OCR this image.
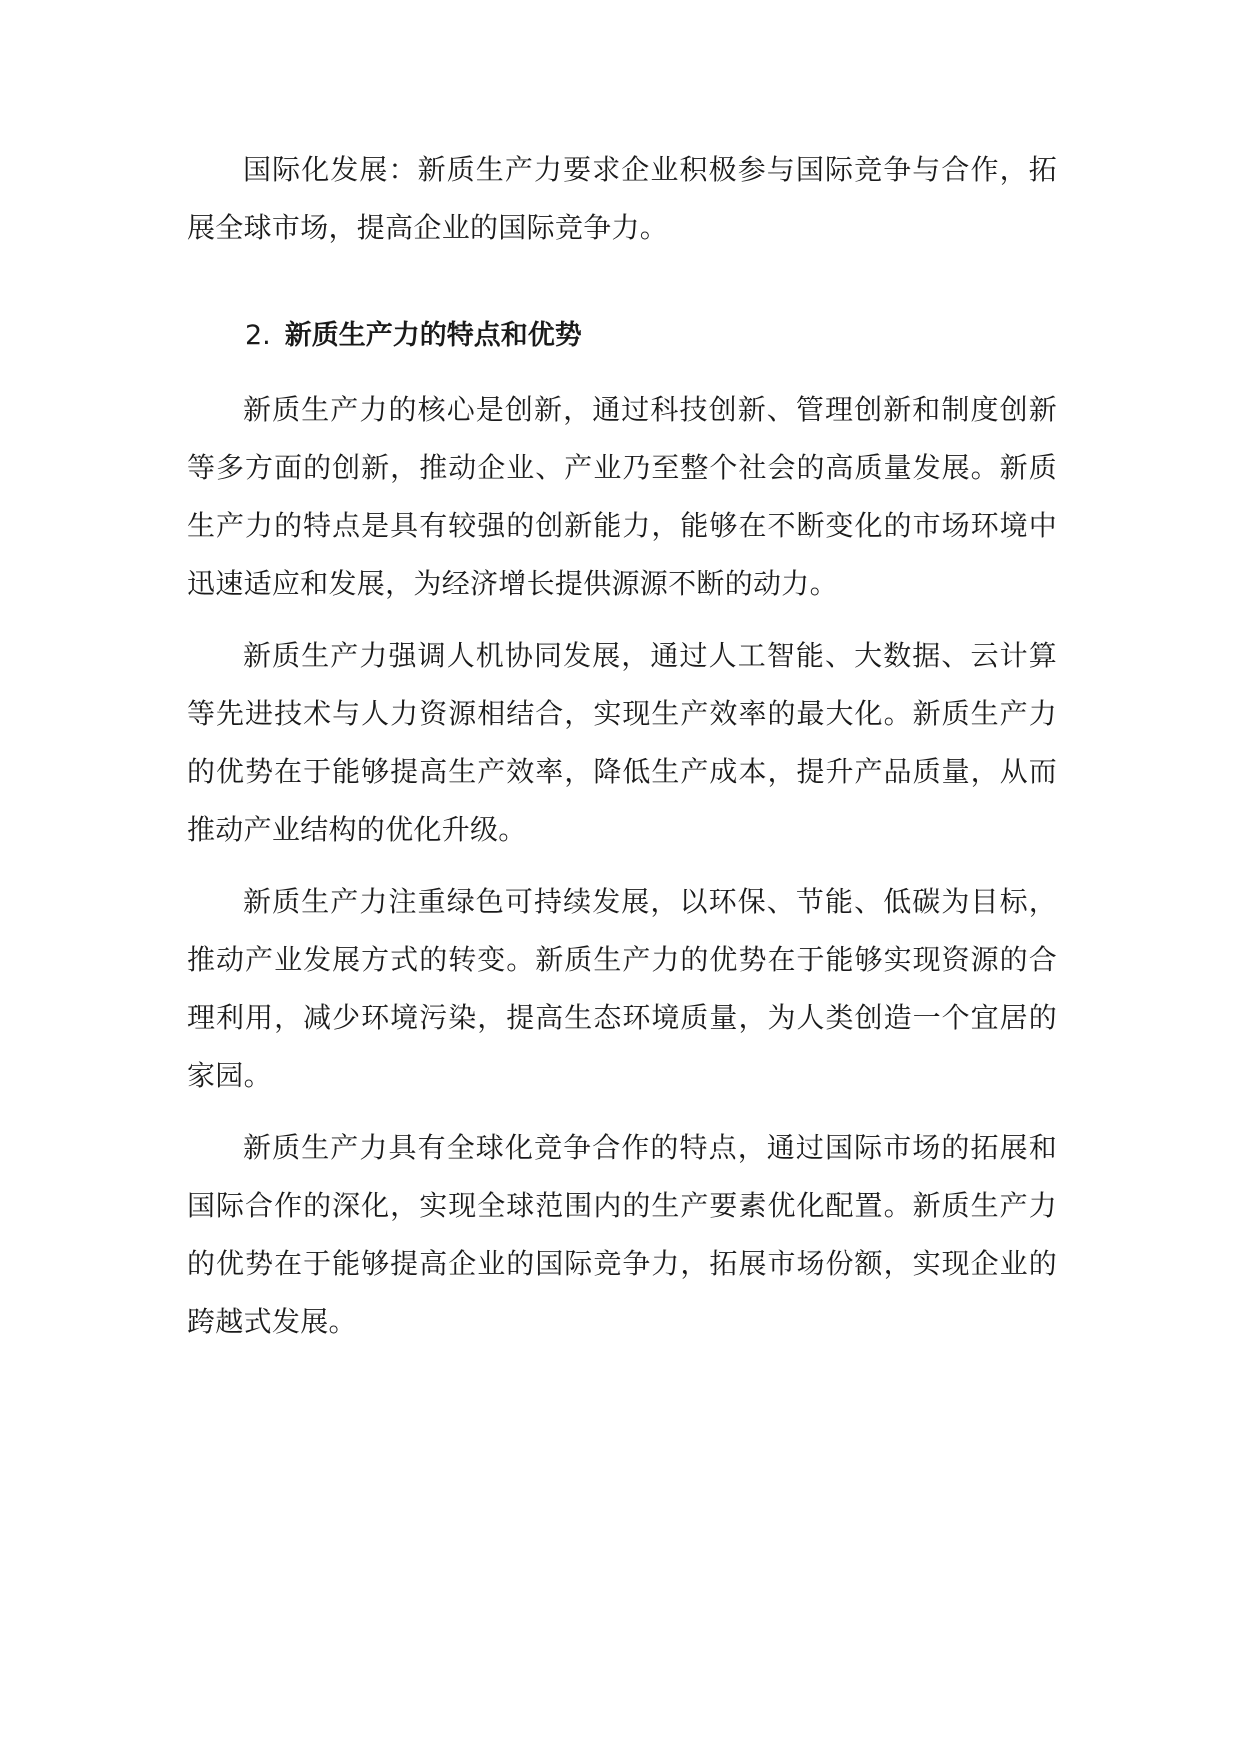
国际化发展：新质生产力要求企业积极参与国际竞争与合作，拓展全球市场，提高企业的国际竞争力。

2. 新质生产力的特点和优势

新质生产力的核心是创新，通过科技创新、管理创新和制度创新等多方面的创新，推动企业、产业乃至整个社会的高质量发展。新质生产力的特点是具有较强的创新能力，能够在不断变化的市场环境中迅速适应和发展，为经济增长提供源源不断的动力。

新质生产力强调人机协同发展，通过人工智能、大数据、云计算等先进技术与人力资源相结合，实现生产效率的最大化。新质生产力的优势在于能够提高生产效率，降低生产成本，提升产品质量，从而推动产业结构的优化升级。

新质生产力注重绿色可持续发展，以环保、节能、低碳为目标，推动产业发展方式的转变。新质生产力的优势在于能够实现资源的合理利用，减少环境污染，提高生态环境质量，为人类创造一个宜居的家园。

新质生产力具有全球化竞争合作的特点，通过国际市场的拓展和国际合作的深化，实现全球范围内的生产要素优化配置。新质生产力的优势在于能够提高企业的国际竞争力，拓展市场份额，实现企业的跨越式发展。
